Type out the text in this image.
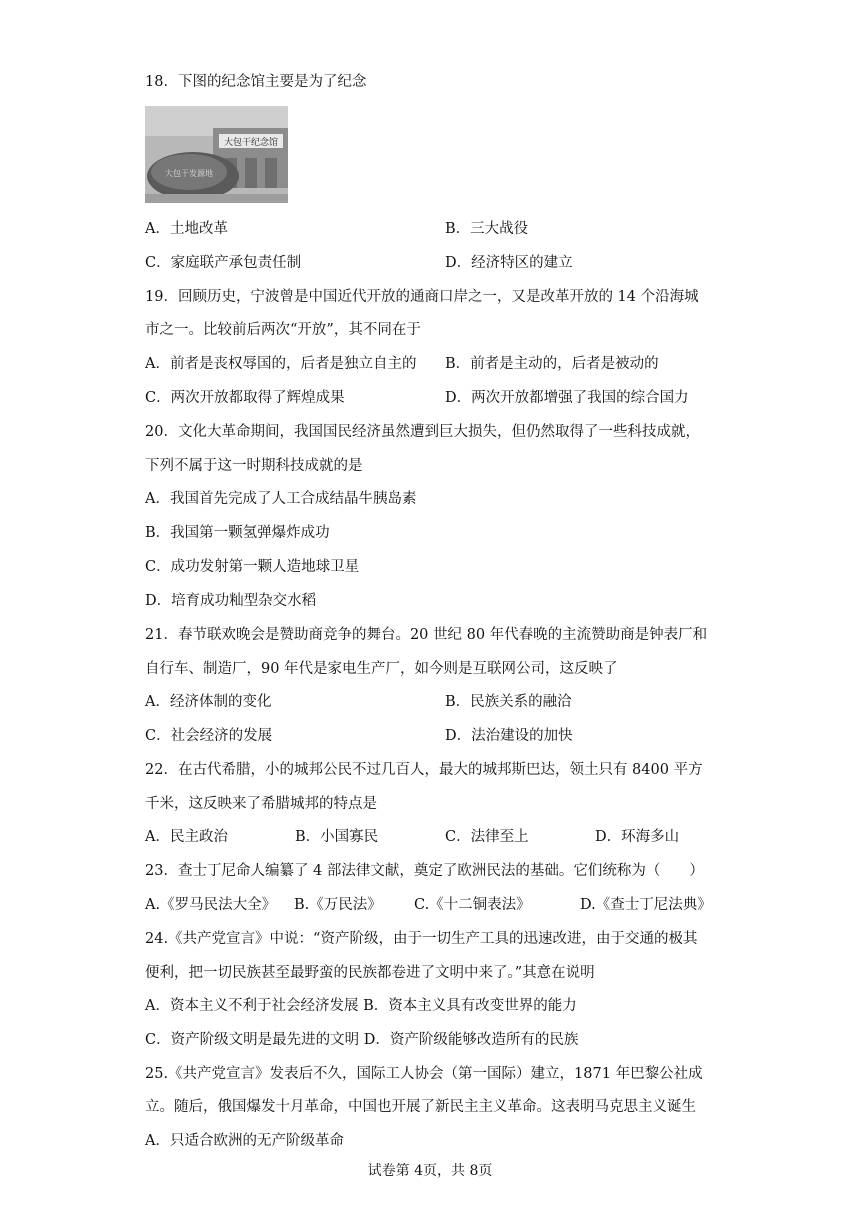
18．下图的纪念馆主要是为了纪念
大包干纪念馆
大包干发源地
A．土地改革	B．三大战役
C．家庭联产承包责任制	D．经济特区的建立
19．回顾历史，宁波曾是中国近代开放的通商口岸之一，又是改革开放的 14 个沿海城
市之一。比较前后两次“开放”，其不同在于
A．前者是丧权辱国的，后者是独立自主的 B．前者是主动的，后者是被动的
C．两次开放都取得了辉煌成果	D．两次开放都增强了我国的综合国力
20．文化大革命期间，我国国民经济虽然遭到巨大损失，但仍然取得了一些科技成就，
下列不属于这一时期科技成就的是
A．我国首先完成了人工合成结晶牛胰岛素
B．我国第一颗氢弹爆炸成功
C．成功发射第一颗人造地球卫星
D．培育成功籼型杂交水稻
21．春节联欢晚会是赞助商竞争的舞台。20 世纪 80 年代春晚的主流赞助商是钟表厂和
自行车、制造厂，90 年代是家电生产厂，如今则是互联网公司，这反映了
A．经济体制的变化	B．民族关系的融洽
C．社会经济的发展	D．法治建设的加快
22．在古代希腊，小的城邦公民不过几百人，最大的城邦斯巴达，领土只有 8400 平方
千米，这反映来了希腊城邦的特点是
A．民主政治	B．小国寡民	C．法律至上	D．环海多山
23．查士丁尼命人编纂了 4 部法律文献，奠定了欧洲民法的基础。它们统称为（　　）
A.《罗马民法大全》 B.《万民法》 C.《十二铜表法》	D.《查士丁尼法典》
24.《共产党宣言》中说：“资产阶级，由于一切生产工具的迅速改进，由于交通的极其
便利，把一切民族甚至最野蛮的民族都卷进了文明中来了。”其意在说明
A．资本主义不利于社会经济发展 B．资本主义具有改变世界的能力
C．资产阶级文明是最先进的文明 D．资产阶级能够改造所有的民族
25.《共产党宣言》发表后不久，国际工人协会（第一国际）建立，1871 年巴黎公社成
立。随后，俄国爆发十月革命，中国也开展了新民主主义革命。这表明马克思主义诞生
A．只适合欧洲的无产阶级革命
试卷第 4页，共 8页
